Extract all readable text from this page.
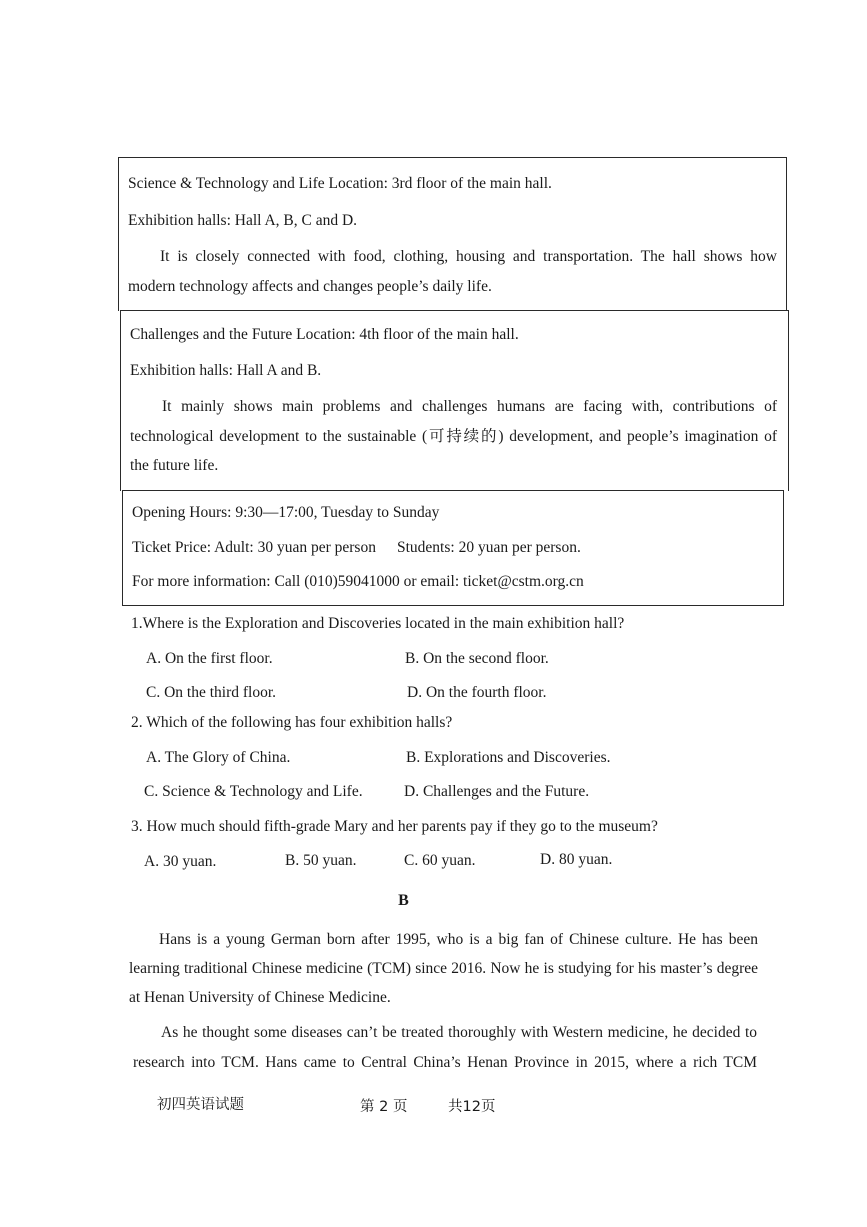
Science & Technology and Life Location: 3rd floor of the main hall.
Exhibition halls: Hall A, B, C and D.
It is closely connected with food, clothing, housing and transportation. The hall shows how
modern technology affects and changes people’s daily life.
Challenges and the Future Location: 4th floor of the main hall.
Exhibition halls: Hall A and B.
It mainly shows main problems and challenges humans are facing with, contributions of
technological development to the sustainable (可持续的) development, and people’s imagination of
the future life.
Opening Hours: 9:30—17:00, Tuesday to Sunday
Ticket Price: Adult: 30 yuan per person Students: 20 yuan per person.
For more information: Call (010)59041000 or email: ticket@cstm.org.cn
1.Where is the Exploration and Discoveries located in the main exhibition hall?
A. On the first floor.	B. On the second floor.
C. On the third floor.	D. On the fourth floor.
2. Which of the following has four exhibition halls?
A. The Glory of China.	B. Explorations and Discoveries.
C. Science & Technology and Life.	D. Challenges and the Future.
3. How much should fifth-grade Mary and her parents pay if they go to the museum?
A. 30 yuan.	B. 50 yuan.	C. 60 yuan.	D. 80 yuan.
B
Hans is a young German born after 1995, who is a big fan of Chinese culture. He has been
learning traditional Chinese medicine (TCM) since 2016. Now he is studying for his master’s degree
at Henan University of Chinese Medicine.
As he thought some diseases can’t be treated thoroughly with Western medicine, he decided to
research into TCM. Hans came to Central China’s Henan Province in 2015, where a rich TCM
初四英语试题	第 2 页	共12页
